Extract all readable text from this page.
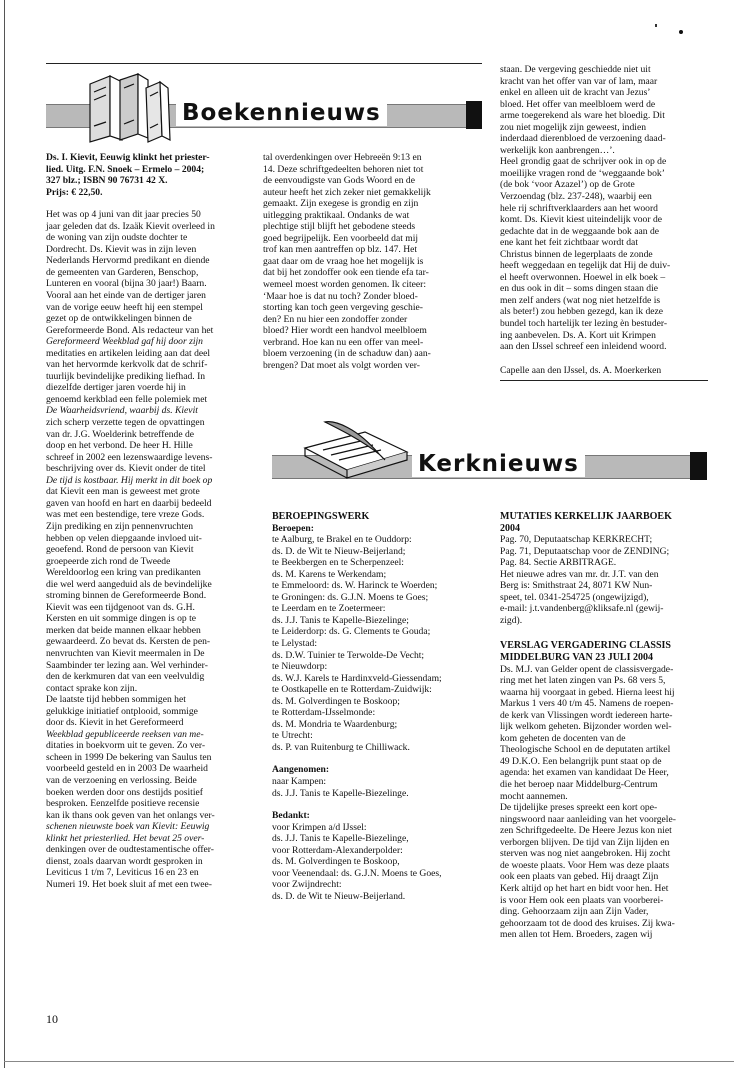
Boekennieuws

Ds. I. Kievit, Eeuwig klinkt het priester-

lied. Uitg. F.N. Snoek – Ermelo – 2004;

327 blz.; ISBN 90 76731 42 X.

Prijs: € 22,50.

Het was op 4 juni van dit jaar precies 50

jaar geleden dat ds. Izaäk Kievit overleed in

de woning van zijn oudste dochter te

Dordrecht. Ds. Kievit was in zijn leven

Nederlands Hervormd predikant en diende

de gemeenten van Garderen, Benschop,

Lunteren en vooral (bijna 30 jaar!) Baarn.

Vooral aan het einde van de dertiger jaren

van de vorige eeuw heeft hij een stempel

gezet op de ontwikkelingen binnen de

Gereformeerde Bond. Als redacteur van het

Gereformeerd Weekblad gaf hij door zijn

meditaties en artikelen leiding aan dat deel

van het hervormde kerkvolk dat de schrif-

tuurlijk bevindelijke prediking liefhad. In

diezelfde dertiger jaren voerde hij in

genoemd kerkblad een felle polemiek met

De Waarheidsvriend, waarbij ds. Kievit

zich scherp verzette tegen de opvattingen

van dr. J.G. Woelderink betreffende de

doop en het verbond. De heer H. Hille

schreef in 2002 een lezenswaardige levens-

beschrijving over ds. Kievit onder de titel

De tijd is kostbaar. Hij merkt in dit boek op

dat Kievit een man is geweest met grote

gaven van hoofd en hart en daarbij bedeeld

was met een bestendige, tere vreze Gods.

Zijn prediking en zijn pennenvruchten

hebben op velen diepgaande invloed uit-

geoefend. Rond de persoon van Kievit

groepeerde zich rond de Tweede

Wereldoorlog een kring van predikanten

die wel werd aangeduid als de bevindelijke

stroming binnen de Gereformeerde Bond.

Kievit was een tijdgenoot van ds. G.H.

Kersten en uit sommige dingen is op te

merken dat beide mannen elkaar hebben

gewaardeerd. Zo bevat ds. Kersten de pen-

nenvruchten van Kievit meermalen in De

Saambinder ter lezing aan. Wel verhinder-

den de kerkmuren dat van een veelvuldig

contact sprake kon zijn.

De laatste tijd hebben sommigen het

gelukkige initiatief ontplooid, sommige

door ds. Kievit in het Gereformeerd

Weekblad gepubliceerde reeksen van me-

ditaties in boekvorm uit te geven. Zo ver-

scheen in 1999 De bekering van Saulus ten

voorbeeld gesteld en in 2003 De waarheid

van de verzoening en verlossing. Beide

boeken werden door ons destijds positief

besproken. Eenzelfde positieve recensie

kan ik thans ook geven van het onlangs ver-

schenen nieuwste boek van Kievit: Eeuwig

klinkt het priesterlied. Het bevat 25 over-

denkingen over de oudtestamentische offer-

dienst, zoals daarvan wordt gesproken in

Leviticus 1 t/m 7, Leviticus 16 en 23 en

Numeri 19. Het boek sluit af met een twee-

tal overdenkingen over Hebreeën 9:13 en

14. Deze schriftgedeelten behoren niet tot

de eenvoudigste van Gods Woord en de

auteur heeft het zich zeker niet gemakkelijk

gemaakt. Zijn exegese is grondig en zijn

uitlegging praktikaal. Ondanks de wat

plechtige stijl blijft het gebodene steeds

goed begrijpelijk. Een voorbeeld dat mij

trof kan men aantreffen op blz. 147. Het

gaat daar om de vraag hoe het mogelijk is

dat bij het zondoffer ook een tiende efa tar-

wemeel moest worden genomen. Ik citeer:

‘Maar hoe is dat nu toch? Zonder bloed-

storting kan toch geen vergeving geschie-

den? En nu hier een zondoffer zonder

bloed? Hier wordt een handvol meelbloem

verbrand. Hoe kan nu een offer van meel-

bloem verzoening (in de schaduw dan) aan-

brengen? Dat moet als volgt worden ver-

staan. De vergeving geschiedde niet uit

kracht van het offer van var of lam, maar

enkel en alleen uit de kracht van Jezus’

bloed. Het offer van meelbloem werd de

arme toegerekend als ware het bloedig. Dit

zou niet mogelijk zijn geweest, indien

inderdaad dierenbloed de verzoening daad-

werkelijk kon aanbrengen…’.

Heel grondig gaat de schrijver ook in op de

moeilijke vragen rond de ‘weggaande bok’

(de bok ‘voor Azazel’) op de Grote

Verzoendag (blz. 237-248), waarbij een

hele rij schriftverklaarders aan het woord

komt. Ds. Kievit kiest uiteindelijk voor de

gedachte dat in de weggaande bok aan de

ene kant het feit zichtbaar wordt dat

Christus binnen de legerplaats de zonde

heeft weggedaan en tegelijk dat Hij de duiv-

el heeft overwonnen. Hoewel in elk boek –

en dus ook in dit – soms dingen staan die

men zelf anders (wat nog niet hetzelfde is

als beter!) zou hebben gezegd, kan ik deze

bundel toch hartelijk ter lezing èn bestuder-

ing aanbevelen. Ds. A. Kort uit Krimpen

aan den IJssel schreef een inleidend woord.

Capelle aan den IJssel, ds. A. Moerkerken

Kerknieuws

BEROEPINGSWERK

Beroepen:

te Aalburg, te Brakel en te Ouddorp:

ds. D. de Wit te Nieuw-Beijerland;

te Beekbergen en te Scherpenzeel:

ds. M. Karens te Werkendam;

te Emmeloord: ds. W. Harinck te Woerden;

te Groningen: ds. G.J.N. Moens te Goes;

te Leerdam en te Zoetermeer:

ds. J.J. Tanis te Kapelle-Biezelinge;

te Leiderdorp: ds. G. Clements te Gouda;

te Lelystad:

ds. D.W. Tuinier te Terwolde-De Vecht;

te Nieuwdorp:

ds. W.J. Karels te Hardinxveld-Giessendam;

te Oostkapelle en te Rotterdam-Zuidwijk:

ds. M. Golverdingen te Boskoop;

te Rotterdam-IJsselmonde:

ds. M. Mondria te Waardenburg;

te Utrecht:

ds. P. van Ruitenburg te Chilliwack.

Aangenomen:

naar Kampen:

ds. J.J. Tanis te Kapelle-Biezelinge.

Bedankt:

voor Krimpen a/d IJssel:

ds. J.J. Tanis te Kapelle-Biezelinge,

voor Rotterdam-Alexanderpolder:

ds. M. Golverdingen te Boskoop,

voor Veenendaal: ds. G.J.N. Moens te Goes,

voor Zwijndrecht:

ds. D. de Wit te Nieuw-Beijerland.

MUTATIES KERKELIJK JAARBOEK

2004

Pag. 70, Deputaatschap KERKRECHT;

Pag. 71, Deputaatschap voor de ZENDING;

Pag. 84. Sectie ARBITRAGE.

Het nieuwe adres van mr. dr. J.T. van den

Berg is: Smithstraat 24, 8071 KW Nun-

speet, tel. 0341-254725 (ongewijzigd),

e-mail: j.t.vandenberg@kliksafe.nl (gewij-

zigd).

VERSLAG VERGADERING CLASSIS

MIDDELBURG VAN 23 JULI 2004

Ds. M.J. van Gelder opent de classisvergade-

ring met het laten zingen van Ps. 68 vers 5,

waarna hij voorgaat in gebed. Hierna leest hij

Markus 1 vers 40 t/m 45. Namens de roepen-

de kerk van Vlissingen wordt iedereen harte-

lijk welkom geheten. Bijzonder worden wel-

kom geheten de docenten van de

Theologische School en de deputaten artikel

49 D.K.O. Een belangrijk punt staat op de

agenda: het examen van kandidaat De Heer,

die het beroep naar Middelburg-Centrum

mocht aannemen.

De tijdelijke preses spreekt een kort ope-

ningswoord naar aanleiding van het voorgele-

zen Schriftgedeelte. De Heere Jezus kon niet

verborgen blijven. De tijd van Zijn lijden en

sterven was nog niet aangebroken. Hij zocht

de woeste plaats. Voor Hem was deze plaats

ook een plaats van gebed. Hij draagt Zijn

Kerk altijd op het hart en bidt voor hen. Het

is voor Hem ook een plaats van voorberei-

ding. Gehoorzaam zijn aan Zijn Vader,

gehoorzaam tot de dood des kruises. Zij kwa-

men allen tot Hem. Broeders, zagen wij

10
